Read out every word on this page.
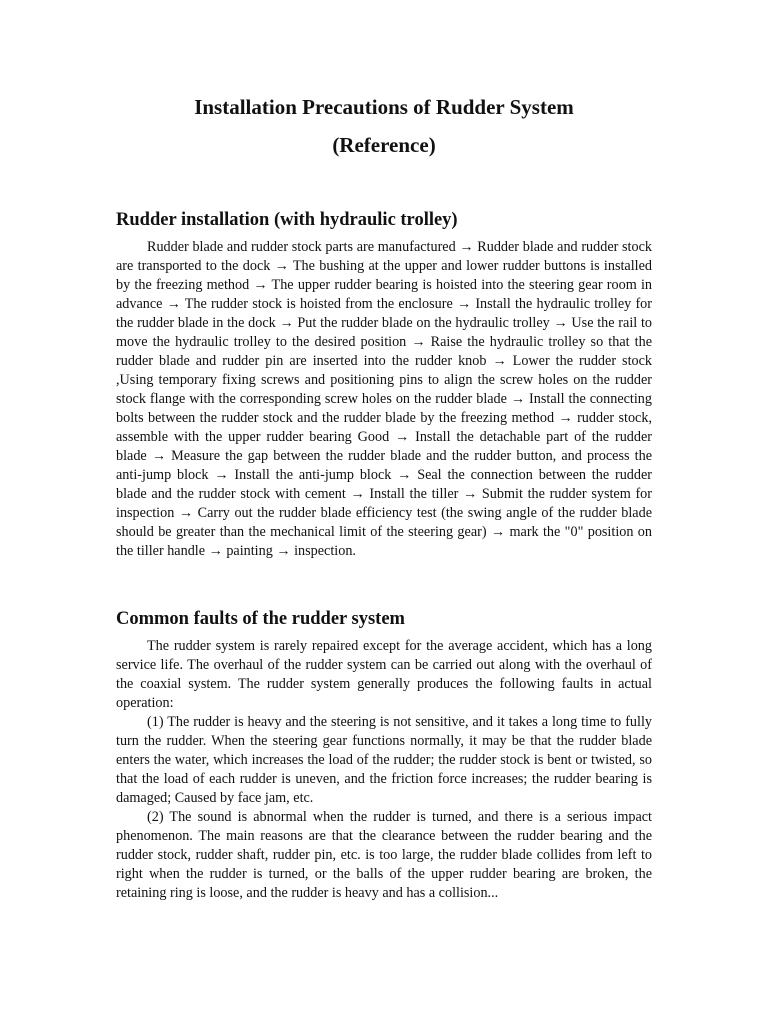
Installation Precautions of Rudder System
(Reference)
Rudder installation (with hydraulic trolley)

Rudder blade and rudder stock parts are manufactured → Rudder blade and rudder stock are transported to the dock → The bushing at the upper and lower rudder buttons is installed by the freezing method → The upper rudder bearing is hoisted into the steering gear room in advance → The rudder stock is hoisted from the enclosure → Install the hydraulic trolley for the rudder blade in the dock → Put the rudder blade on the hydraulic trolley → Use the rail to move the hydraulic trolley to the desired position → Raise the hydraulic trolley so that the rudder blade and rudder pin are inserted into the rudder knob → Lower the rudder stock ,Using temporary fixing screws and positioning pins to align the screw holes on the rudder stock flange with the corresponding screw holes on the rudder blade → Install the connecting bolts between the rudder stock and the rudder blade by the freezing method → rudder stock, assemble with the upper rudder bearing Good → Install the detachable part of the rudder blade → Measure the gap between the rudder blade and the rudder button, and process the anti-jump block → Install the anti-jump block → Seal the connection between the rudder blade and the rudder stock with cement → Install the tiller → Submit the rudder system for inspection → Carry out the rudder blade efficiency test (the swing angle of the rudder blade should be greater than the mechanical limit of the steering gear) → mark the "0" position on the tiller handle → painting → inspection.

Common faults of the rudder system

The rudder system is rarely repaired except for the average accident, which has a long service life. The overhaul of the rudder system can be carried out along with the overhaul of the coaxial system. The rudder system generally produces the following faults in actual operation:

(1) The rudder is heavy and the steering is not sensitive, and it takes a long time to fully turn the rudder. When the steering gear functions normally, it may be that the rudder blade enters the water, which increases the load of the rudder; the rudder stock is bent or twisted, so that the load of each rudder is uneven, and the friction force increases; the rudder bearing is damaged; Caused by face jam, etc.

(2) The sound is abnormal when the rudder is turned, and there is a serious impact phenomenon. The main reasons are that the clearance between the rudder bearing and the rudder stock, rudder shaft, rudder pin, etc. is too large, the rudder blade collides from left to right when the rudder is turned, or the balls of the upper rudder bearing are broken, the retaining ring is loose, and the rudder is heavy and has a collision...
